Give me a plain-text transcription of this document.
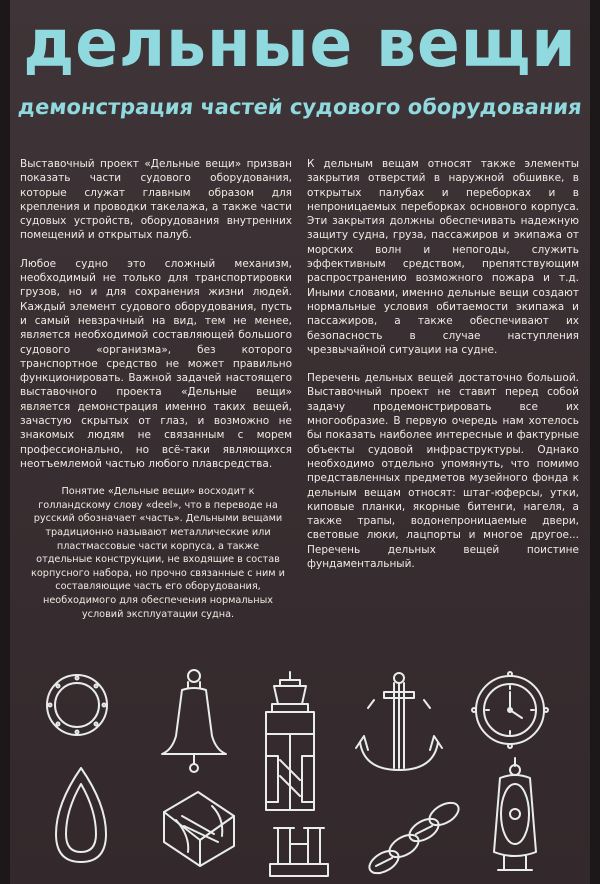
дельные вещи
демонстрация частей судового оборудования

Выставочный проект «Дельные вещи» призван показать части судового оборудования, которые служат главным образом для крепления и проводки такелажа, а также части судовых устройств, оборудования внутренних помещений и открытых палуб.

Любое судно это сложный механизм, необходимый не только для транспортировки грузов, но и для сохранения жизни людей. Каждый элемент судового оборудования, пусть и самый невзрачный на вид, тем не менее, является необходимой составляющей большого судового «организма», без которого транспортное средство не может правильно функционировать. Важной задачей настоящего выставочного проекта «Дельные вещи» является демонстрация именно таких вещей, зачастую скрытых от глаз, и возможно не знакомых людям не связанным с морем профессионально, но всё-таки являющихся неотъемлемой частью любого плавсредства.

Понятие «Дельные вещи» восходит к голландскому слову «deel», что в переводе на русский обозначает «часть». Дельными вещами традиционно называют металлические или пластмассовые части корпуса, а также отдельные конструкции, не входящие в состав корпусного набора, но прочно связанные с ним и составляющие часть его оборудования, необходимого для обеспечения нормальных условий эксплуатации судна.

К дельным вещам относят также элементы закрытия отверстий в наружной обшивке, в открытых палубах и переборках и в непроницаемых переборках основного корпуса. Эти закрытия должны обеспечивать надежную защиту судна, груза, пассажиров и экипажа от морских волн и непогоды, служить эффективным средством, препятствующим распространению возможного пожара и т.д. Иными словами, именно дельные вещи создают нормальные условия обитаемости экипажа и пассажиров, а также обеспечивают их безопасность в случае наступления чрезвычайной ситуации на судне.

Перечень дельных вещей достаточно большой. Выставочный проект не ставит перед собой задачу продемонстрировать все их многообразие. В первую очередь нам хотелось бы показать наиболее интересные и фактурные объекты судовой инфраструктуры. Однако необходимо отдельно упомянуть, что помимо представленных предметов музейного фонда к дельным вещам относят: штаг-юферсы, утки, киповые планки, якорные битенги, нагеля, а также трапы, водонепроницаемые двери, световые люки, лацпорты и многое другое... Перечень дельных вещей поистине фундаментальный.
